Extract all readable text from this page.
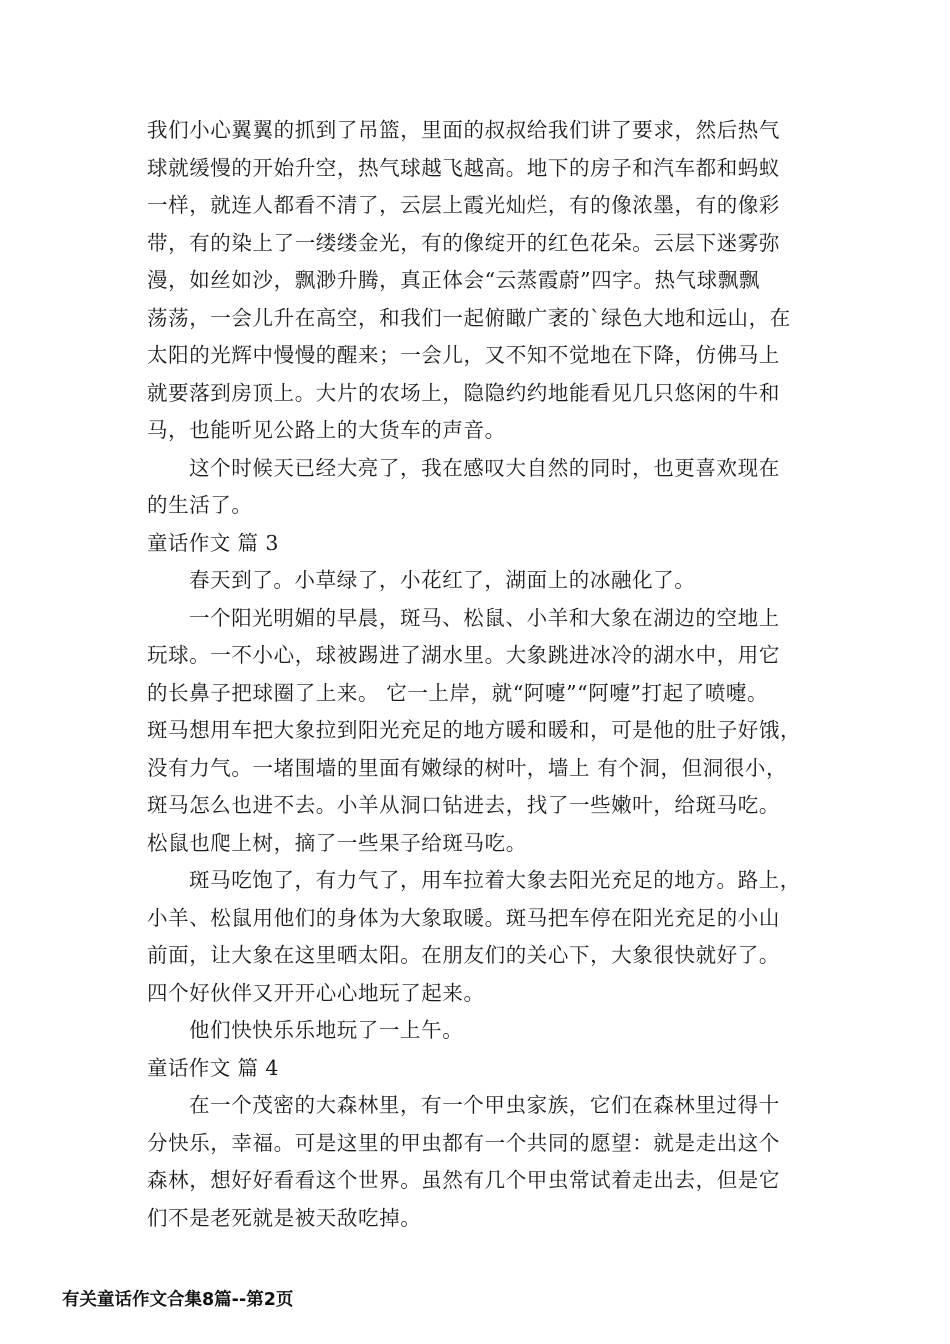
我们小心翼翼的抓到了吊篮，里面的叔叔给我们讲了要求，然后热气
球就缓慢的开始升空，热气球越飞越高。地下的房子和汽车都和蚂蚁
一样，就连人都看不清了，云层上霞光灿烂，有的像浓墨，有的像彩
带，有的染上了一缕缕金光，有的像绽开的红色花朵。云层下迷雾弥
漫，如丝如沙，飘渺升腾，真正体会“云蒸霞蔚”四字。热气球飘飘
荡荡，一会儿升在高空，和我们一起俯瞰广袤的`绿色大地和远山，在
太阳的光辉中慢慢的醒来；一会儿，又不知不觉地在下降，仿佛马上
就要落到房顶上。大片的农场上，隐隐约约地能看见几只悠闲的牛和
马，也能听见公路上的大货车的声音。
这个时候天已经大亮了，我在感叹大自然的同时，也更喜欢现在
的生活了。
童话作文 篇 3
春天到了。小草绿了，小花红了，湖面上的冰融化了。
一个阳光明媚的早晨，斑马、松鼠、小羊和大象在湖边的空地上
玩球。一不小心，球被踢进了湖水里。大象跳进冰冷的湖水中，用它
的长鼻子把球圈了上来。 它一上岸，就“阿嚏”“阿嚏”打起了喷嚏。
斑马想用车把大象拉到阳光充足的地方暖和暖和，可是他的肚子好饿，
没有力气。一堵围墙的里面有嫩绿的树叶，墙上 有个洞，但洞很小，
斑马怎么也进不去。小羊从洞口钻进去，找了一些嫩叶，给斑马吃。
松鼠也爬上树，摘了一些果子给斑马吃。
斑马吃饱了，有力气了，用车拉着大象去阳光充足的地方。路上，
小羊、松鼠用他们的身体为大象取暖。斑马把车停在阳光充足的小山
前面，让大象在这里晒太阳。在朋友们的关心下，大象很快就好了。
四个好伙伴又开开心心地玩了起来。
他们快快乐乐地玩了一上午。
童话作文 篇 4
在一个茂密的大森林里，有一个甲虫家族，它们在森林里过得十
分快乐，幸福。可是这里的甲虫都有一个共同的愿望：就是走出这个
森林，想好好看看这个世界。虽然有几个甲虫常试着走出去，但是它
们不是老死就是被天敌吃掉。
有关童话作文合集8篇--第2页
